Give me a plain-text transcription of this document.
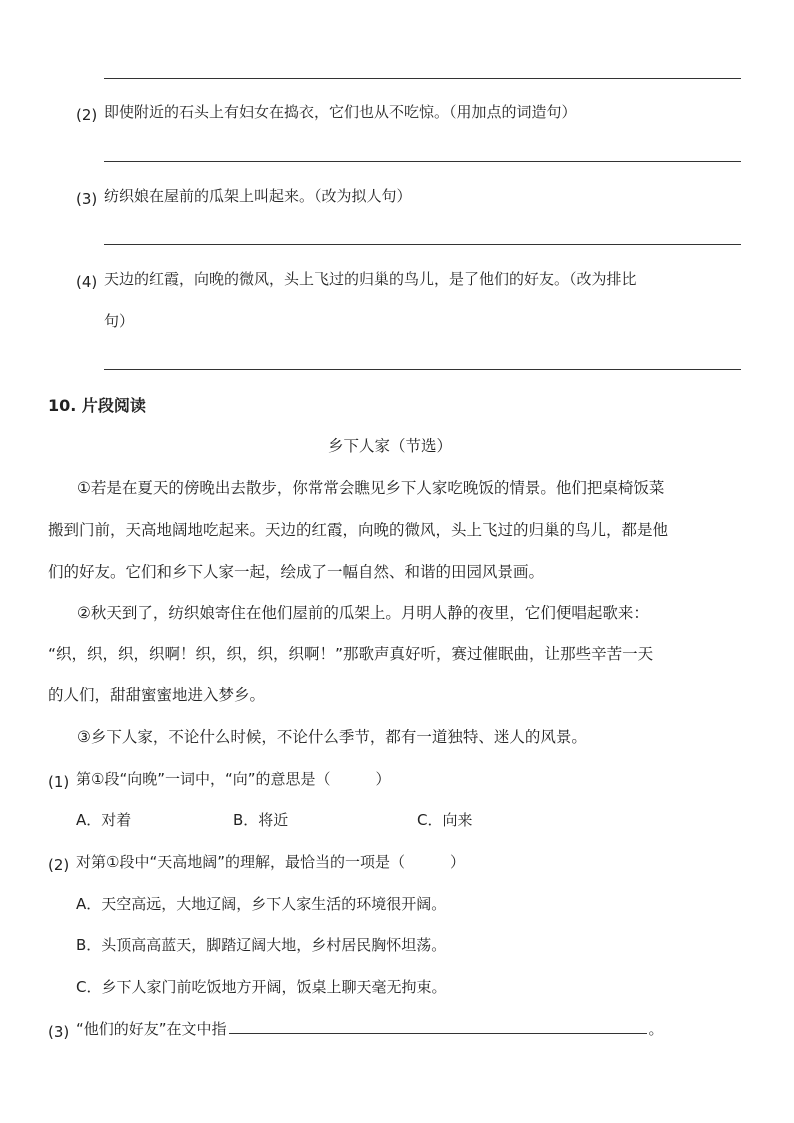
(2) 即使附近的石头上有妇女在捣衣，它们也从不吃惊。（用加点的词造句）
(3) 纺织娘在屋前的瓜架上叫起来。（改为拟人句）
(4) 天边的红霞，向晚的微风，头上飞过的归巢的鸟儿，是了他们的好友。（改为排比
句）
10. 片段阅读
乡下人家（节选）
①若是在夏天的傍晚出去散步，你常常会瞧见乡下人家吃晚饭的情景。他们把桌椅饭菜
搬到门前，天高地阔地吃起来。天边的红霞，向晚的微风，头上飞过的归巢的鸟儿，都是他
们的好友。它们和乡下人家一起，绘成了一幅自然、和谐的田园风景画。
②秋天到了，纺织娘寄住在他们屋前的瓜架上。月明人静的夜里，它们便唱起歌来：
“织，织，织，织啊！织，织，织，织啊！”那歌声真好听，赛过催眠曲，让那些辛苦一天
的人们，甜甜蜜蜜地进入梦乡。
③乡下人家，不论什么时候，不论什么季节，都有一道独特、迷人的风景。
(1) 第①段“向晚”一词中，“向”的意思是（　　　）
A．对着	B．将近	C．向来
(2) 对第①段中“天高地阔”的理解，最恰当的一项是（　　　）
A．天空高远，大地辽阔，乡下人家生活的环境很开阔。
B．头顶高高蓝天，脚踏辽阔大地，乡村居民胸怀坦荡。
C．乡下人家门前吃饭地方开阔，饭桌上聊天毫无拘束。
(3) “他们的好友”在文中指	。
